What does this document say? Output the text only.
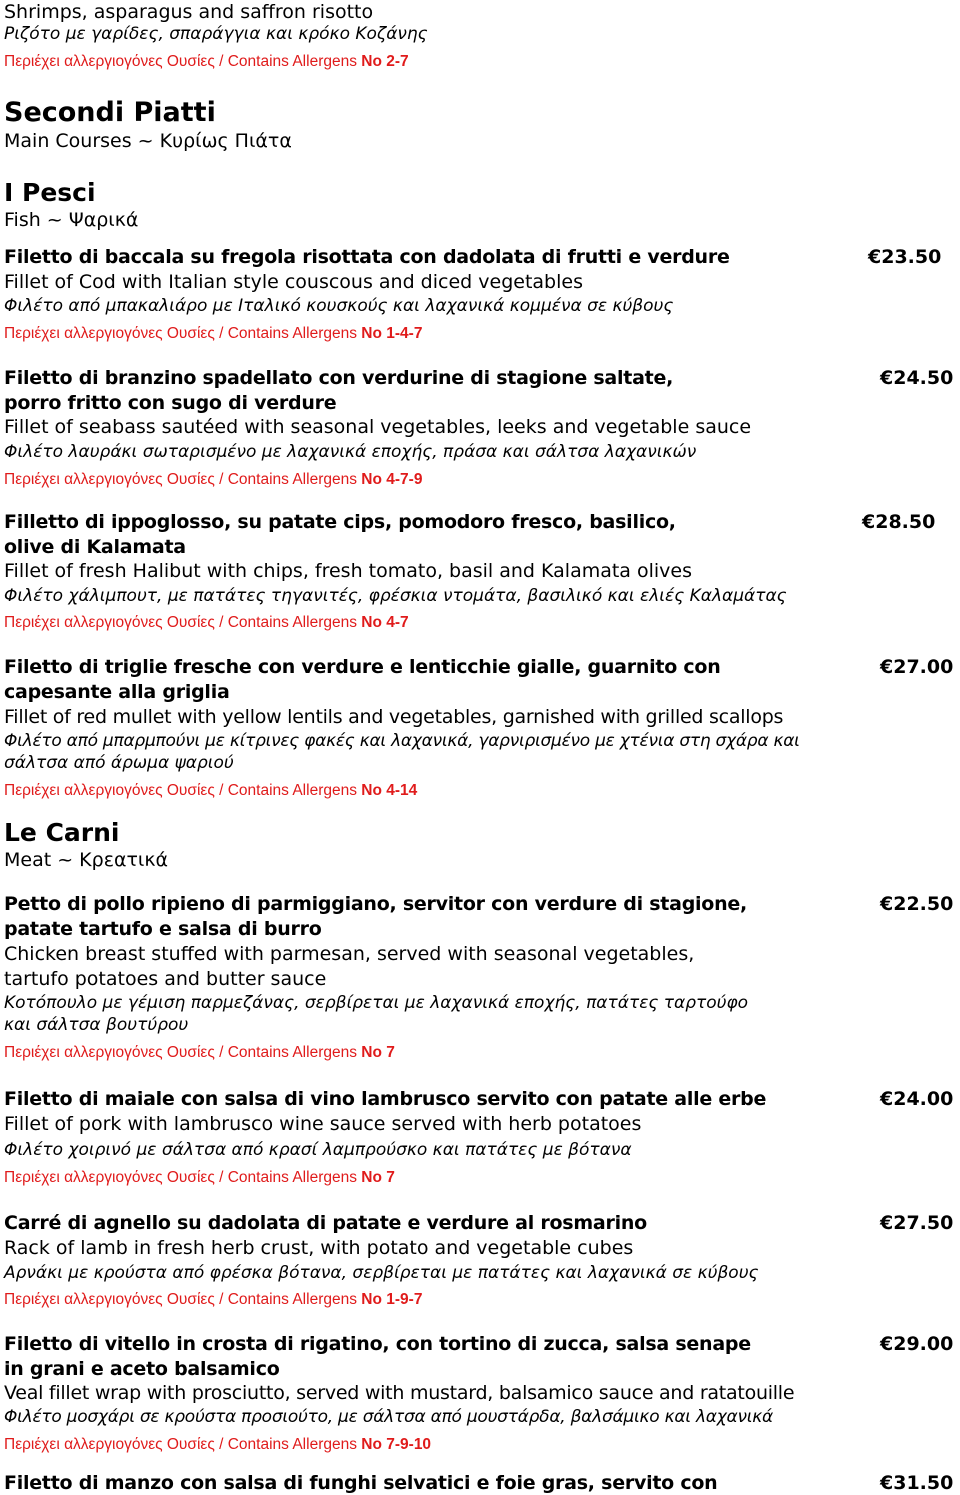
Shrimps, asparagus and saffron risotto
Ριζότο με γαρίδες, σπαράγγια και κρόκο Κοζάνης
Περιέχει αλλεργιογόνες Ουσίες / Contains Allergens No 2-7
Secondi Piatti
Main Courses ~ Κυρίως Πιάτα
I Pesci
Fish ~ Ψαρικά
Filetto di baccala su fregola risottata con dadolata di frutti e verdure	€23.50
Fillet of Cod with Italian style couscous and diced vegetables
Φιλέτο από μπακαλιάρο με Ιταλικό κουσκούς και λαχανικά κομμένα σε κύβους
Περιέχει αλλεργιογόνες Ουσίες / Contains Allergens No 1-4-7
Filetto di branzino spadellato con verdurine di stagione saltate,	€24.50
porro fritto con sugo di verdure
Fillet of seabass sautéed with seasonal vegetables, leeks and vegetable sauce
Φιλέτο λαυράκι σωταρισμένο με λαχανικά εποχής, πράσα και σάλτσα λαχανικών
Περιέχει αλλεργιογόνες Ουσίες / Contains Allergens No 4-7-9
Filletto di ippoglosso, su patate cips, pomodoro fresco, basilico,	€28.50
olive di Kalamata
Fillet of fresh Halibut with chips, fresh tomato, basil and Kalamata olives
Φιλέτο χάλιμπουτ, με πατάτες τηγανιτές, φρέσκια ντομάτα, βασιλικό και ελιές Καλαμάτας
Περιέχει αλλεργιογόνες Ουσίες / Contains Allergens No 4-7
Filetto di triglie fresche con verdure e lenticchie gialle, guarnito con	€27.00
capesante alla griglia
Fillet of red mullet with yellow lentils and vegetables, garnished with grilled scallops
Φιλέτο από μπαρμπούνι με κίτρινες φακές και λαχανικά, γαρνιρισμένο με χτένια στη σχάρα και
σάλτσα από άρωμα ψαριού
Περιέχει αλλεργιογόνες Ουσίες / Contains Allergens No 4-14
Le Carni
Meat ~ Κρεατικά
Petto di pollo ripieno di parmiggiano, servitor con verdure di stagione,	€22.50
patate tartufo e salsa di burro
Chicken breast stuffed with parmesan, served with seasonal vegetables,
tartufo potatoes and butter sauce
Κοτόπουλο με γέμιση παρμεζάνας, σερβίρεται με λαχανικά εποχής, πατάτες ταρτούφο
και σάλτσα βουτύρου
Περιέχει αλλεργιογόνες Ουσίες / Contains Allergens No 7
Filetto di maiale con salsa di vino lambrusco servito con patate alle erbe	€24.00
Fillet of pork with lambrusco wine sauce served with herb potatoes
Φιλέτο χοιρινό με σάλτσα από κρασί λαμπρούσκο και πατάτες με βότανα
Περιέχει αλλεργιογόνες Ουσίες / Contains Allergens No 7
Carré di agnello su dadolata di patate e verdure al rosmarino	€27.50
Rack of lamb in fresh herb crust, with potato and vegetable cubes
Αρνάκι με κρούστα από φρέσκα βότανα, σερβίρεται με πατάτες και λαχανικά σε κύβους
Περιέχει αλλεργιογόνες Ουσίες / Contains Allergens No 1-9-7
Filetto di vitello in crosta di rigatino, con tortino di zucca, salsa senape	€29.00
in grani e aceto balsamico
Veal fillet wrap with prosciutto, served with mustard, balsamico sauce and ratatouille
Φιλέτο μοσχάρι σε κρούστα προσιούτο, με σάλτσα από μουστάρδα, βαλσάμικο και λαχανικά
Περιέχει αλλεργιογόνες Ουσίες / Contains Allergens No 7-9-10
Filetto di manzo con salsa di funghi selvatici e foie gras, servito con	€31.50
